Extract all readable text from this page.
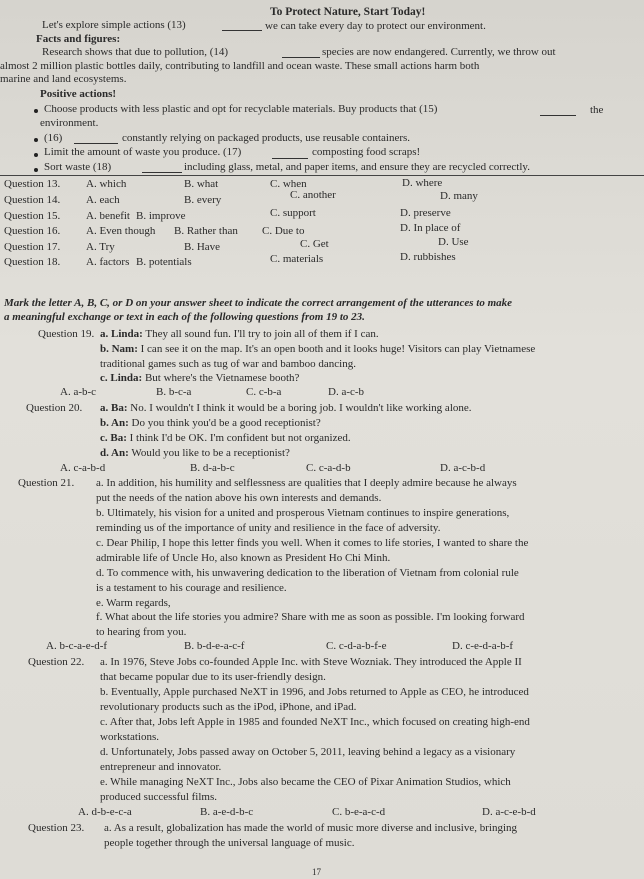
To Protect Nature, Start Today!
Let's explore simple actions (13)	we can take every day to protect our environment.
Facts and figures:
Research shows that due to pollution, (14)	species are now endangered. Currently, we throw out
almost 2 million plastic bottles daily, contributing to landfill and ocean waste. These small actions harm both
marine and land ecosystems.
Positive actions!
Choose products with less plastic and opt for recyclable materials. Buy products that (15)	the
environment.
(16)	constantly relying on packaged products, use reusable containers.
Limit the amount of waste you produce. (17)	composting food scraps!
Sort waste (18)	including glass, metal, and paper items, and ensure they are recycled correctly.
Question 13. A. which	B. what	C. when	D. where
Question 14. A. each	B. every	C. another	D. many
Question 15. A. benefit B. improve	C. support	D. preserve
Question 16. A. Even though B. Rather than C. Due to	D. In place of
Question 17. A. Try	B. Have	C. Get	D. Use
Question 18. A. factors B. potentials	C. materials	D. rubbishes
Mark the letter A, B, C, or D on your answer sheet to indicate the correct arrangement of the utterances to make
a meaningful exchange or text in each of the following questions from 19 to 23.
Question 19. a. Linda: They all sound fun. I'll try to join all of them if I can.
b. Nam: I can see it on the map. It's an open booth and it looks huge! Visitors can play Vietnamese
traditional games such as tug of war and bamboo dancing.
c. Linda: But where's the Vietnamese booth?
A. a-b-c	B. b-c-a	C. c-b-a	D. a-c-b
Question 20. a. Ba: No. I wouldn't I think it would be a boring job. I wouldn't like working alone.
b. An: Do you think you'd be a good receptionist?
c. Ba: I think I'd be OK. I'm confident but not organized.
d. An: Would you like to be a receptionist?
A. c-a-b-d	B. d-a-b-c	C. c-a-d-b	D. a-c-b-d
Question 21. a. In addition, his humility and selflessness are qualities that I deeply admire because he always
put the needs of the nation above his own interests and demands.
b. Ultimately, his vision for a united and prosperous Vietnam continues to inspire generations,
reminding us of the importance of unity and resilience in the face of adversity.
c. Dear Philip, I hope this letter finds you well. When it comes to life stories, I wanted to share the
admirable life of Uncle Ho, also known as President Ho Chi Minh.
d. To commence with, his unwavering dedication to the liberation of Vietnam from colonial rule
is a testament to his courage and resilience.
e. Warm regards,
f. What about the life stories you admire? Share with me as soon as possible. I'm looking forward
to hearing from you.
A. b-c-a-e-d-f	B. b-d-e-a-c-f	C. c-d-a-b-f-e	D. c-e-d-a-b-f
Question 22. a. In 1976, Steve Jobs co-founded Apple Inc. with Steve Wozniak. They introduced the Apple II
that became popular due to its user-friendly design.
b. Eventually, Apple purchased NeXT in 1996, and Jobs returned to Apple as CEO, he introduced
revolutionary products such as the iPod, iPhone, and iPad.
c. After that, Jobs left Apple in 1985 and founded NeXT Inc., which focused on creating high-end
workstations.
d. Unfortunately, Jobs passed away on October 5, 2011, leaving behind a legacy as a visionary
entrepreneur and innovator.
e. While managing NeXT Inc., Jobs also became the CEO of Pixar Animation Studios, which
produced successful films.
A. d-b-e-c-a	B. a-e-d-b-c	C. b-e-a-c-d	D. a-c-e-b-d
Question 23. a. As a result, globalization has made the world of music more diverse and inclusive, bringing
people together through the universal language of music.
17
